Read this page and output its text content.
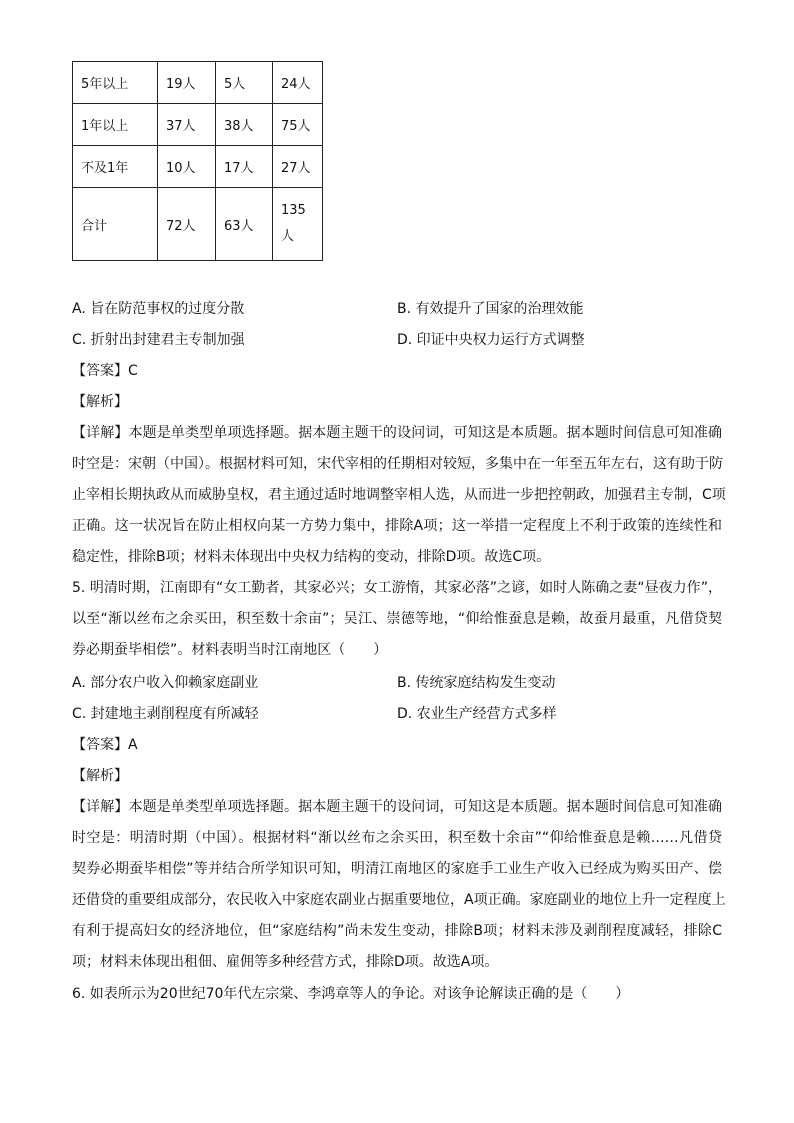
5年以上	19人	5人	24人
1年以上	37人	38人	75人
不及1年	10人	17人	27人
合计	72人	63人	135
人
A. 旨在防范事权的过度分散	B. 有效提升了国家的治理效能
C. 折射出封建君主专制加强	D. 印证中央权力运行方式调整
【答案】C
【解析】
【详解】本题是单类型单项选择题。据本题主题干的设问词，可知这是本质题。据本题时间信息可知准确
时空是：宋朝（中国）。根据材料可知，宋代宰相的任期相对较短，多集中在一年至五年左右，这有助于防
止宰相长期执政从而威胁皇权，君主通过适时地调整宰相人选，从而进一步把控朝政，加强君主专制，C项
正确。这一状况旨在防止相权向某一方势力集中，排除A项；这一举措一定程度上不利于政策的连续性和
稳定性，排除B项；材料未体现出中央权力结构的变动，排除D项。故选C项。
5. 明清时期，江南即有“女工勤者，其家必兴；女工游惰，其家必落”之谚，如时人陈确之妻“昼夜力作”，
以至“渐以丝布之余买田，积至数十余亩”；吴江、崇德等地，“仰给惟蚕息是赖，故蚕月最重，凡借贷契
券必期蚕毕相偿”。材料表明当时江南地区（　　）
A. 部分农户收入仰赖家庭副业	B. 传统家庭结构发生变动
C. 封建地主剥削程度有所减轻	D. 农业生产经营方式多样
【答案】A
【解析】
【详解】本题是单类型单项选择题。据本题主题干的设问词，可知这是本质题。据本题时间信息可知准确
时空是：明清时期（中国）。根据材料“渐以丝布之余买田，积至数十余亩”“仰给惟蚕息是赖……凡借贷
契券必期蚕毕相偿”等并结合所学知识可知，明清江南地区的家庭手工业生产收入已经成为购买田产、偿
还借贷的重要组成部分，农民收入中家庭农副业占据重要地位，A项正确。家庭副业的地位上升一定程度上
有利于提高妇女的经济地位，但“家庭结构”尚未发生变动，排除B项；材料未涉及剥削程度减轻，排除C
项；材料未体现出租佃、雇佣等多种经营方式，排除D项。故选A项。
6. 如表所示为20世纪70年代左宗棠、李鸿章等人的争论。对该争论解读正确的是（　　）
